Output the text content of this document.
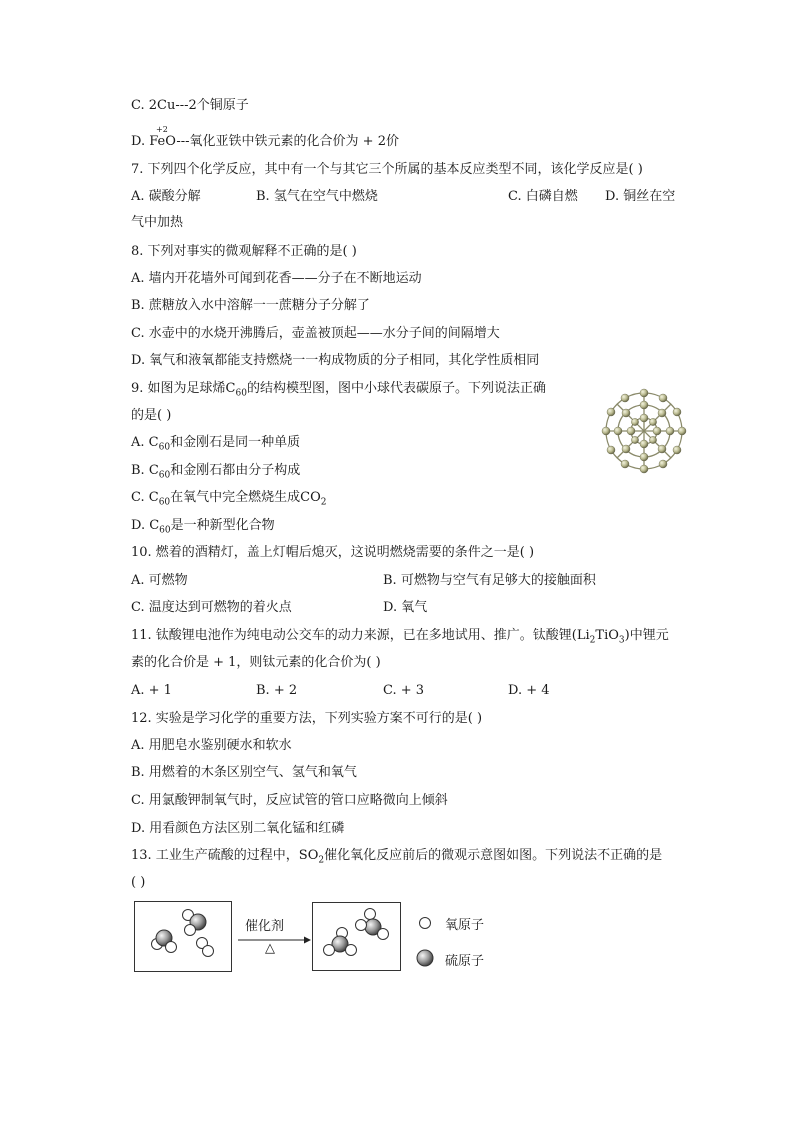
C. 2Cu---2个铜原子
+2
D. FeO---氧化亚铁中铁元素的化合价为 + 2价
7. 下列四个化学反应，其中有一个与其它三个所属的基本反应类型不同，该化学反应是( )
A. 碳酸分解	B. 氢气在空气中燃烧	C. 白磷自燃 D. 铜丝在空
气中加热
8. 下列对事实的微观解释不正确的是( )
A. 墙内开花墙外可闻到花香——分子在不断地运动
B. 蔗糖放入水中溶解一一蔗糖分子分解了
C. 水壶中的水烧开沸腾后，壶盖被顶起——水分子间的间隔增大
D. 氧气和液氧都能支持燃烧一一构成物质的分子相同，其化学性质相同
9. 如图为足球烯$C_{60}$的结构模型图，图中小球代表碳原子。下列说法正确
的是( )
A. $C_{60}$和金刚石是同一种单质
B. $C_{60}$和金刚石都由分子构成
C. $C_{60}$在氧气中完全燃烧生成$CO_2$
D. $C_{60}$是一种新型化合物
10. 燃着的酒精灯，盖上灯帽后熄灭，这说明燃烧需要的条件之一是( )
A. 可燃物	B. 可燃物与空气有足够大的接触面积
C. 温度达到可燃物的着火点	D. 氧气
11. 钛酸锂电池作为纯电动公交车的动力来源，已在多地试用、推广。钛酸锂$(Li_2TiO_3)$中锂元
素的化合价是 + 1，则钛元素的化合价为( )
A. + 1	B. + 2	C. + 3	D. + 4
12. 实验是学习化学的重要方法，下列实验方案不可行的是( )
A. 用肥皂水鉴别硬水和软水
B. 用燃着的木条区别空气、氢气和氧气
C. 用氯酸钾制氧气时，反应试管的管口应略微向上倾斜
D. 用看颜色方法区别二氧化锰和红磷
13. 工业生产硫酸的过程中，$SO_2$催化氧化反应前后的微观示意图如图。下列说法不正确的是
( )
催化剂
△
氧原子
硫原子
